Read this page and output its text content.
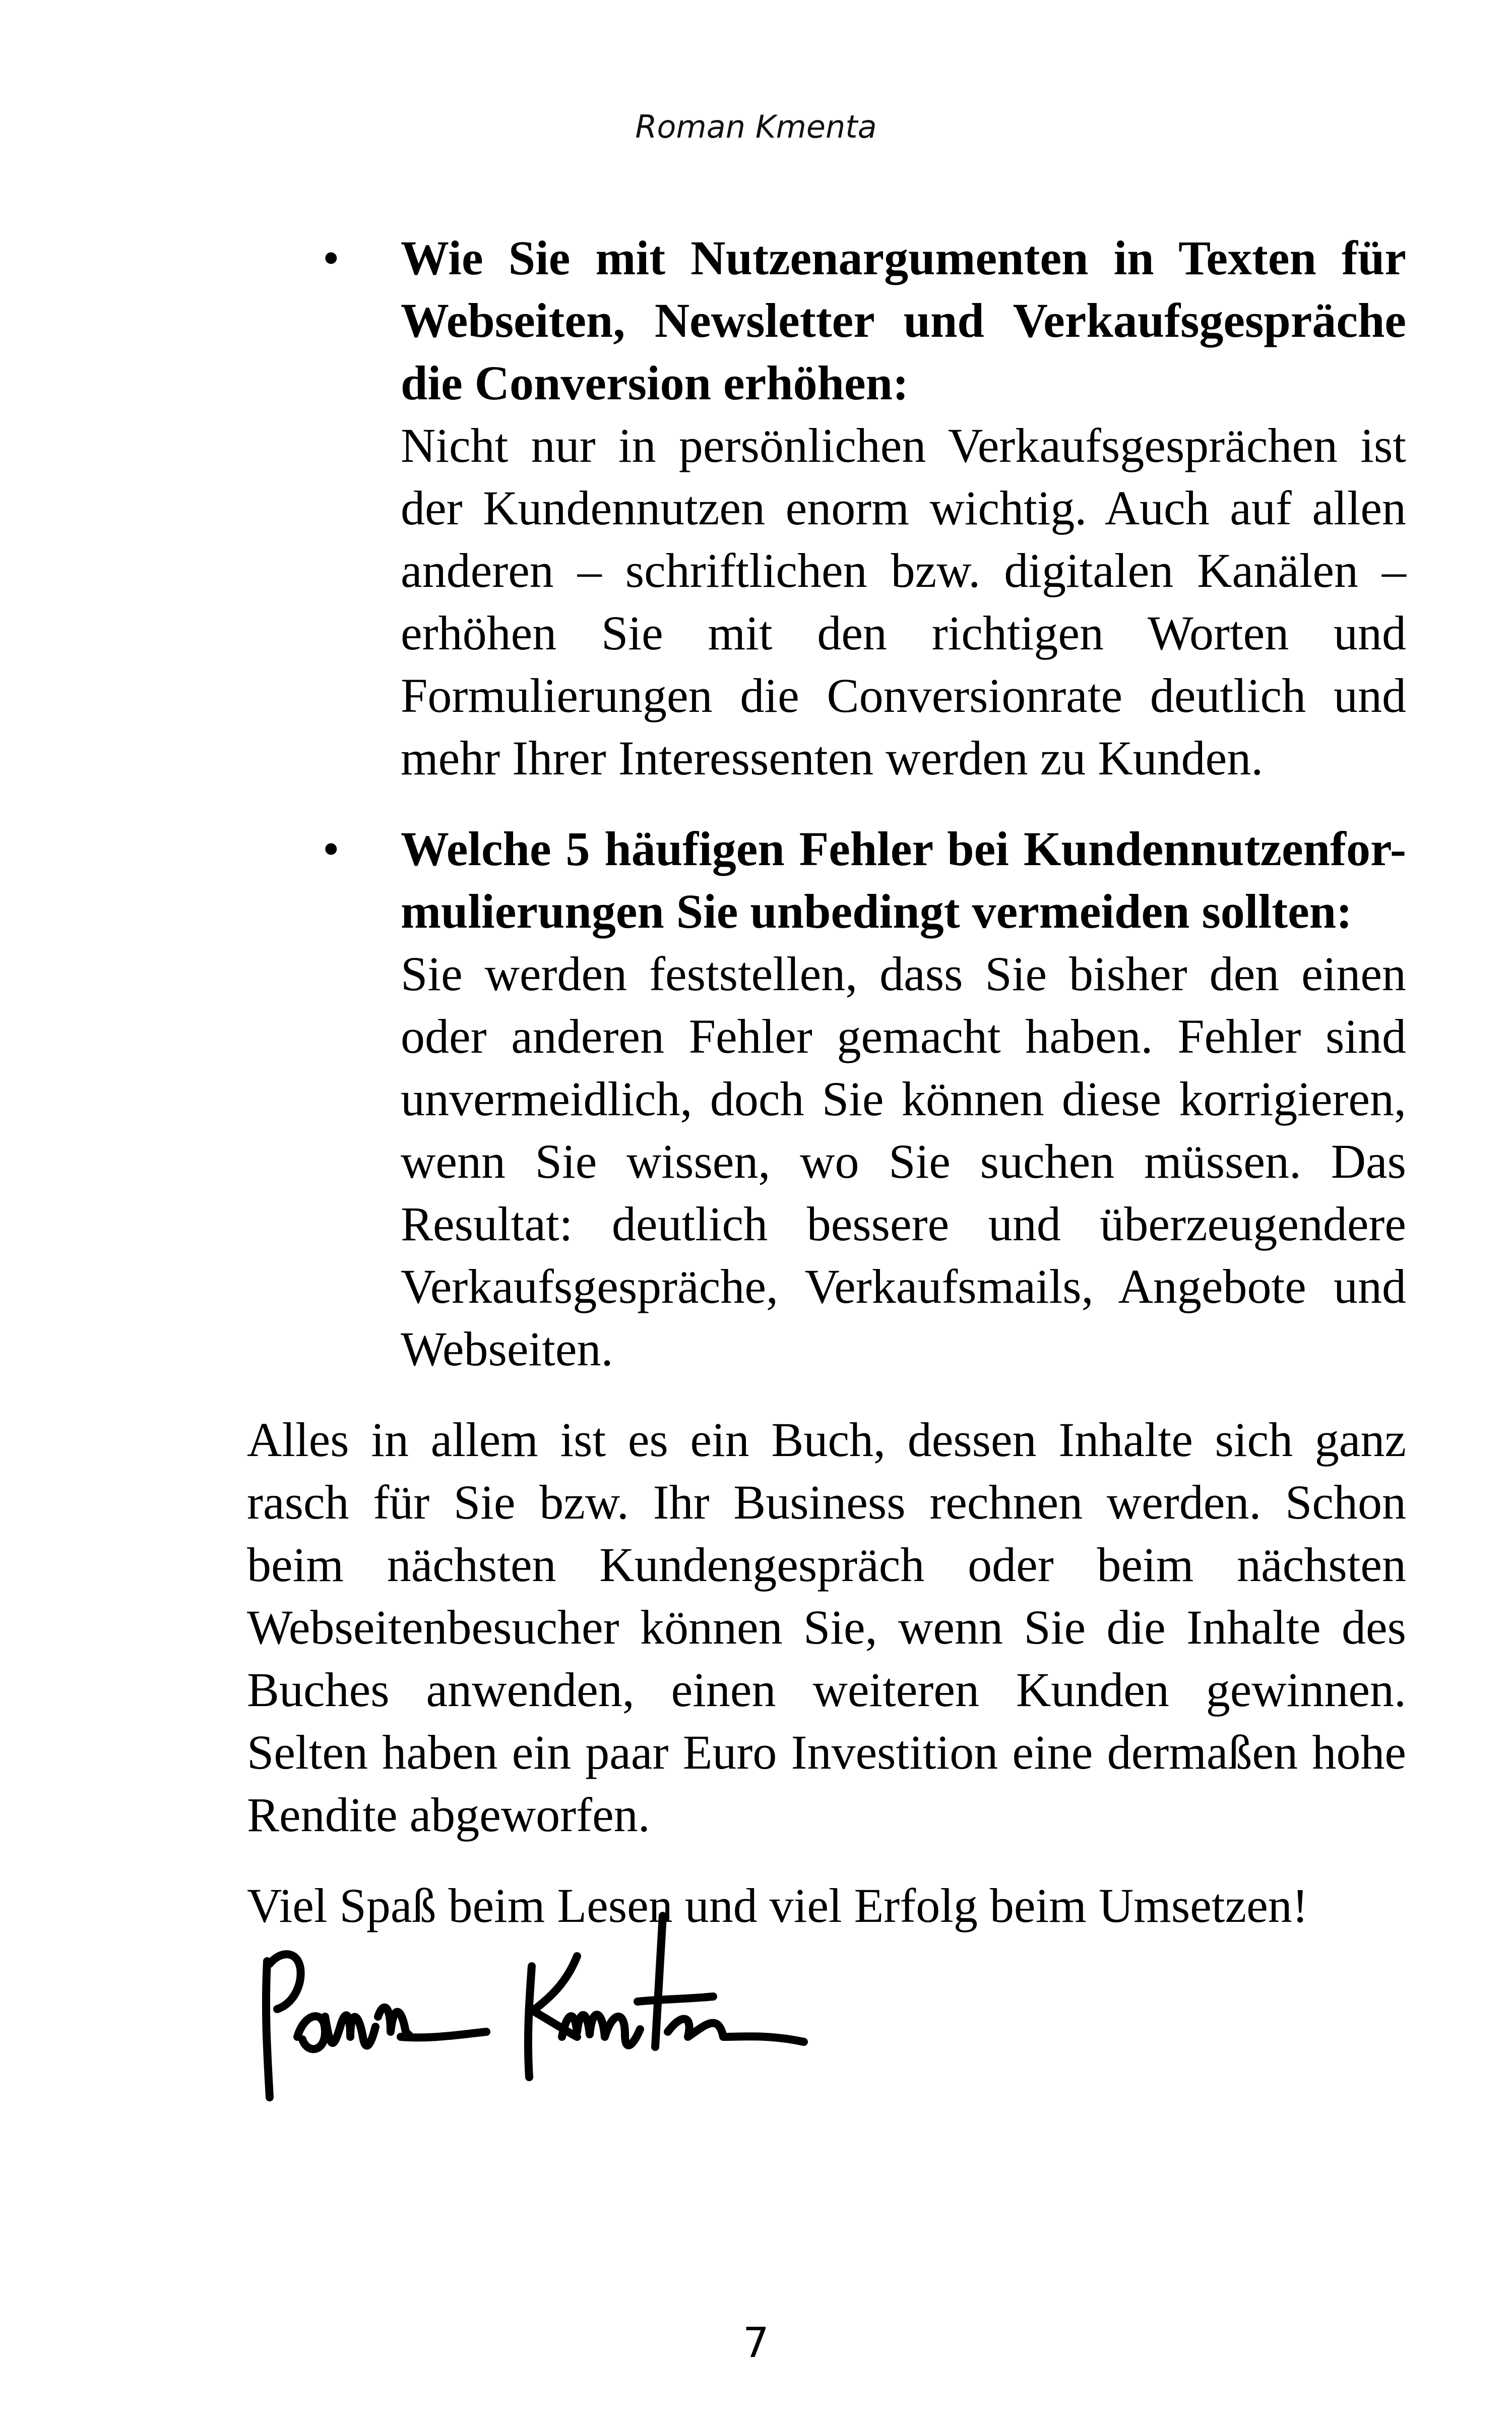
Roman Kmenta
• Wie Sie mit Nutzenargumenten in Texten für Webseiten, Newsletter und Verkaufsgespräche die Conversion erhöhen:
Nicht nur in persönlichen Verkaufsgesprächen ist der Kundennutzen enorm wichtig. Auch auf allen anderen – schriftlichen bzw. digitalen Kanälen – erhöhen Sie mit den richtigen Worten und Formulierungen die Conversionrate deutlich und mehr Ihrer Interessenten werden zu Kunden.
• Welche 5 häufigen Fehler bei Kundennutzenfor-mulierungen Sie unbedingt vermeiden sollten:
Sie werden feststellen, dass Sie bisher den einen oder anderen Fehler gemacht haben. Fehler sind unvermeidlich, doch Sie können diese korrigieren, wenn Sie wissen, wo Sie suchen müssen. Das Resultat: deutlich bessere und überzeugendere Verkaufsgespräche, Verkaufsmails, Angebote und Webseiten.

Alles in allem ist es ein Buch, dessen Inhalte sich ganz rasch für Sie bzw. Ihr Business rechnen werden. Schon beim nächsten Kundengespräch oder beim nächsten Webseitenbesucher können Sie, wenn Sie die Inhalte des Buches anwenden, einen weiteren Kunden gewinnen. Selten haben ein paar Euro Investition eine dermaßen hohe Rendite abgeworfen.

Viel Spaß beim Lesen und viel Erfolg beim Umsetzen!

7
